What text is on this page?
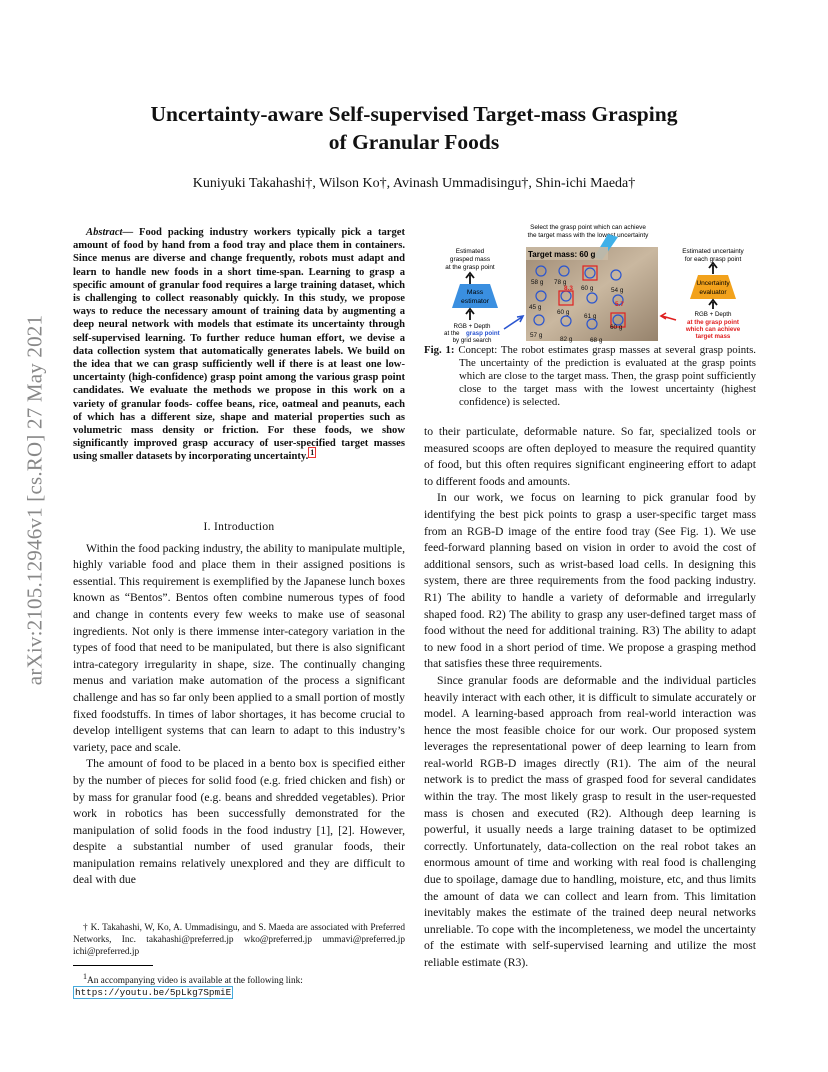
arXiv:2105.12946v1 [cs.RO] 27 May 2021
Uncertainty-aware Self-supervised Target-mass Grasping
of Granular Foods
Kuniyuki Takahashi†, Wilson Ko†, Avinash Ummadisingu†, Shin-ichi Maeda†

Abstract— Food packing industry workers typically pick a target amount of food by hand from a food tray and place them in containers. Since menus are diverse and change frequently, robots must adapt and learn to handle new foods in a short time-span. Learning to grasp a specific amount of granular food requires a large training dataset, which is challenging to collect reasonably quickly. In this study, we propose ways to reduce the necessary amount of training data by augmenting a deep neural network with models that estimate its uncertainty through self-supervised learning. To further reduce human effort, we devise a data collection system that automatically generates labels. We build on the idea that we can grasp sufficiently well if there is at least one low-uncertainty (high-confidence) grasp point among the various grasp point candidates. We evaluate the methods we propose in this work on a variety of granular foods- coffee beans, rice, oatmeal and peanuts, each of which has a different size, shape and material properties such as volumetric mass density or friction. For these foods, we show significantly improved grasp accuracy of user-specified target masses using smaller datasets by incorporating uncertainty. $^1$

I. Introduction

Within the food packing industry, the ability to manipulate multiple, highly variable food and place them in their assigned positions is essential. This requirement is exemplified by the Japanese lunch boxes known as “Bentos”. Bentos often combine numerous types of food and change in contents every few weeks to make use of seasonal ingredients. Not only is there immense inter-category variation in the types of food that need to be manipulated, but there is also significant intra-category irregularity in shape, size. The continually changing menus and variation make automation of the process a significant challenge and has so far only been applied to a small portion of mostly fixed foodstuffs. In times of labor shortages, it has become crucial to develop intelligent systems that can learn to adapt to this industry’s variety, pace and scale.

The amount of food to be placed in a bento box is specified either by the number of pieces for solid food (e.g. fried chicken and fish) or by mass for granular food (e.g. beans and shredded vegetables). Prior work in robotics has been successfully demonstrated for the manipulation of solid foods in the food industry [1], [2]. However, despite a substantial number of used granular foods, their manipulation remains relatively unexplored and they are difficult to deal with due

† K. Takahashi, W, Ko, A. Ummadisingu, and S. Maeda are associated with Preferred Networks, Inc. takahashi@preferred.jp wko@preferred.jp ummavi@preferred.jp ichi@preferred.jp

1An accompanying video is available at the following link:
https://youtu.be/5pLkg7SpmiE
Select the grasp point which can achieve
the target mass with the lowest uncertainty
Target mass: 60 g
58 g 78 g
60 g	54 g
45 g
60 g
61 g
60 g
57 g
82 g	68 g
8.3
5.7
Estimated
grasped mass
at the grasp point
Mass
estimator
RGB + Depth
at the grasp point
by grid search
Estimated uncertainty
for each grasp point
Uncertainty
evaluator
RGB + Depth
at the grasp point
which can achieve
target mass
Fig. 1: Concept: The robot estimates grasp masses at several grasp points. The uncertainty of the prediction is evaluated at the grasp points which are close to the target mass. Then, the grasp point sufficiently close to the target mass with the lowest uncertainty (highest confidence) is selected.

to their particulate, deformable nature. So far, specialized tools or measured scoops are often deployed to measure the required quantity of food, but this often requires significant engineering effort to adapt to different foods and amounts.

In our work, we focus on learning to pick granular food by identifying the best pick points to grasp a user-specific target mass from an RGB-D image of the entire food tray (See Fig. 1). We use feed-forward planning based on vision in order to avoid the cost of additional sensors, such as wrist-based load cells. In designing this system, there are three requirements from the food packing industry. R1) The ability to handle a variety of deformable and irregularly shaped food. R2) The ability to grasp any user-defined target mass of food without the need for additional training. R3) The ability to adapt to new food in a short period of time. We propose a grasping method that satisfies these three requirements.

Since granular foods are deformable and the individual particles heavily interact with each other, it is difficult to simulate accurately or model. A learning-based approach from real-world interaction was hence the most feasible choice for our work. Our proposed system leverages the representational power of deep learning to learn from real-world RGB-D images directly (R1). The aim of the neural network is to predict the mass of grasped food for several candidates within the tray. The most likely grasp to result in the user-requested mass is chosen and executed (R2). Although deep learning is powerful, it usually needs a large training dataset to be optimized correctly. Unfortunately, data-collection on the real robot takes an enormous amount of time and working with real food is challenging due to spoilage, damage due to handling, moisture, etc, and thus limits the amount of data we can collect and learn from. This limitation inevitably makes the estimate of the trained deep neural networks unreliable. To cope with the incompleteness, we model the uncertainty of the estimate with self-supervised learning and utilize the most reliable estimate (R3).
